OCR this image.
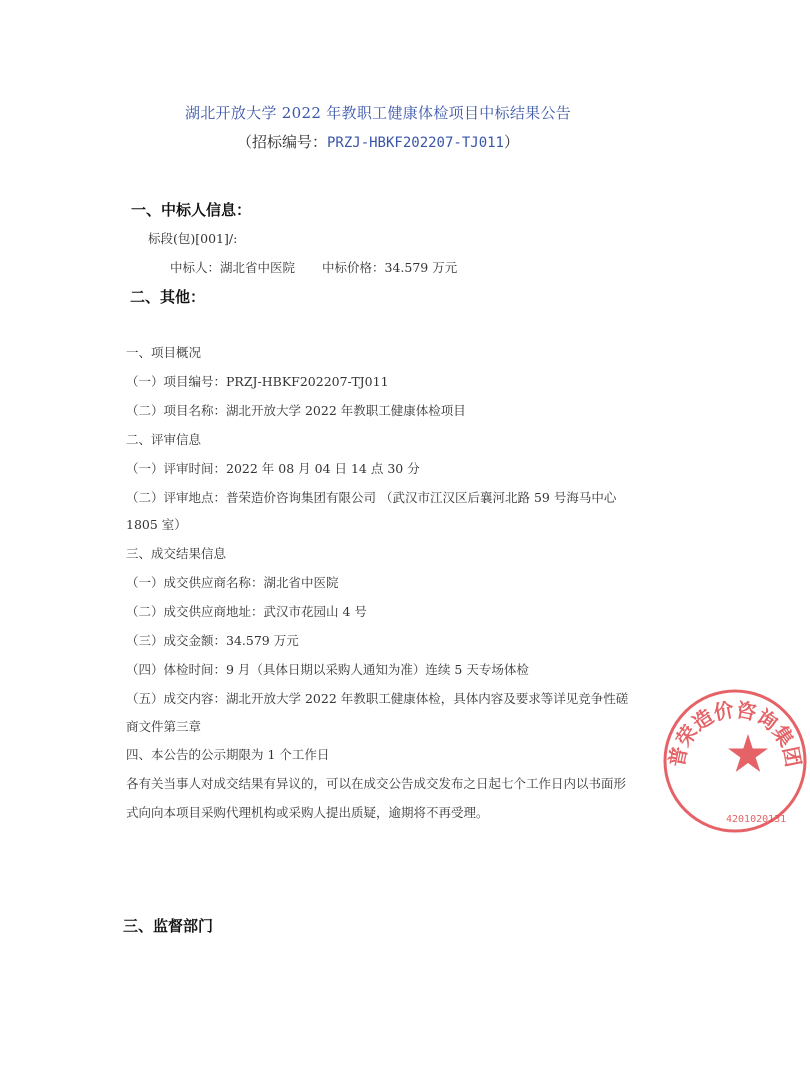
湖北开放大学 2022 年教职工健康体检项目中标结果公告
（招标编号：PRZJ-HBKF202207-TJ011）
一、中标人信息：
标段(包)[001]/:
中标人：湖北省中医院 中标价格：34.579 万元
二、其他：
一、项目概况
（一）项目编号：PRZJ-HBKF202207-TJ011
（二）项目名称：湖北开放大学 2022 年教职工健康体检项目
二、评审信息
（一）评审时间：2022 年 08 月 04 日 14 点 30 分
（二）评审地点：普荣造价咨询集团有限公司 （武汉市江汉区后襄河北路 59 号海马中心
1805 室）
三、成交结果信息
（一）成交供应商名称：湖北省中医院
（二）成交供应商地址：武汉市花园山 4 号
（三）成交金额：34.579 万元
（四）体检时间：9 月（具体日期以采购人通知为准）连续 5 天专场体检
（五）成交内容：湖北开放大学 2022 年教职工健康体检，具体内容及要求等详见竞争性磋
商文件第三章
四、本公告的公示期限为 1 个工作日
各有关当事人对成交结果有异议的，可以在成交公告成交发布之日起七个工作日内以书面形
式向向本项目采购代理机构或采购人提出质疑，逾期将不再受理。
三、监督部门
普荣造价咨询集团
4201020131
